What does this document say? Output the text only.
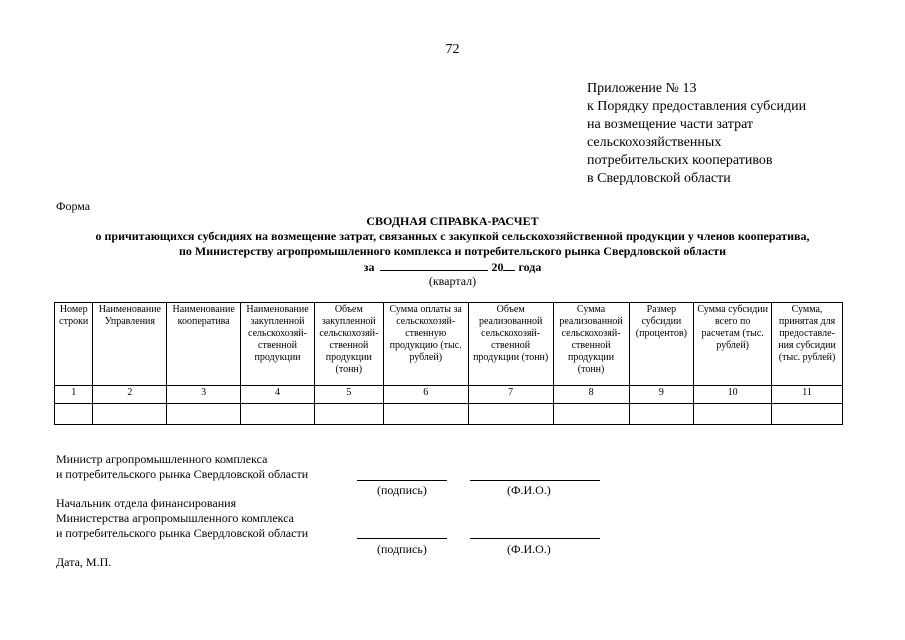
72
Приложение № 13
к Порядку предоставления субсидии
на возмещение части затрат
сельскохозяйственных
потребительских кооперативов
в Свердловской области
Форма
СВОДНАЯ СПРАВКА-РАСЧЕТ
о причитающихся субсидиях на возмещение затрат, связанных с закупкой сельскохозяйственной продукции у членов кооператива,
по Министерству агропромышленного комплекса и потребительского рынка Свердловской области
за	20 года
(квартал)
Номер строки	Наименование Управления	Наименование кооператива	Наименование закупленной сельскохозяй-ственной продукции	Объем закупленной сельскохозяй-ственной продукции (тонн)	Сумма оплаты за сельскохозяй-ственную продукцию (тыс. рублей)	Объем реализованной сельскохозяй-ственной продукции (тонн)	Сумма реализованной сельскохозяй-ственной продукции (тонн)	Размер субсидии (процентов)	Сумма субсидии всего по расчетам (тыс. рублей)	Сумма, принятая для предоставле-ния субсидии (тыс. рублей)
1	2	3	4	5	6	7	8	9	10	11

Министр агропромышленного комплекса
и потребительского рынка Свердловской области
(подпись)	(Ф.И.О.)
Начальник отдела финансирования
Министерства агропромышленного комплекса
и потребительского рынка Свердловской области
(подпись)	(Ф.И.О.)
Дата, М.П.
